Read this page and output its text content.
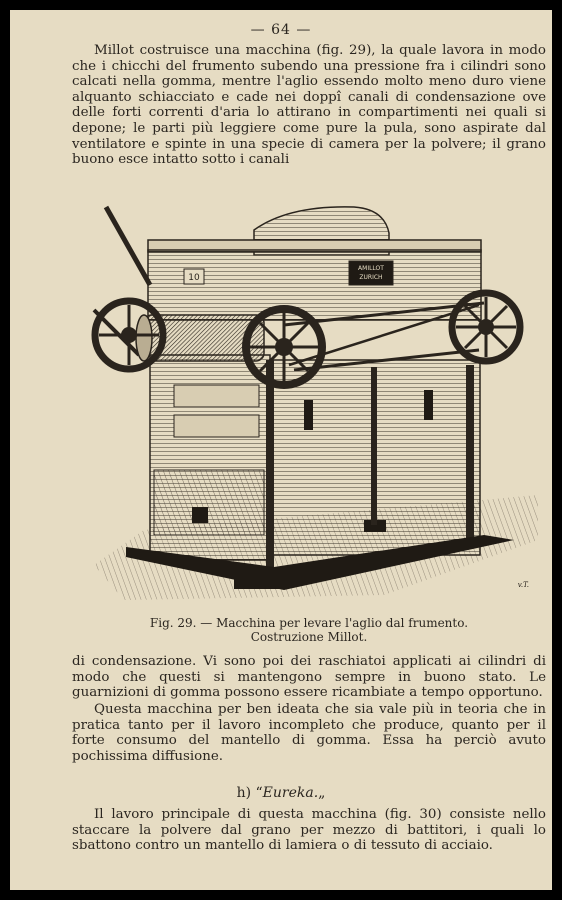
— 64 —
Millot costruisce una macchina (fig. 29), la quale lavora in modo che i chicchi del frumento subendo una pressione fra i cilindri sono calcati nella gomma, mentre l'aglio essendo molto meno duro viene alquanto schiacciato e cade nei doppî canali di condensazione ove delle forti correnti d'aria lo attirano in compartimenti nei quali si depone; le parti più leggiere come pure la pula, sono aspirate dal ventilatore e spinte in una specie di camera per la polvere; il grano buono esce intatto sotto i canali
AMILLOT
ZURICH
10
v.T.
Fig. 29. — Macchina per levare l'aglio dal frumento.
Costruzione Millot.
di condensazione. Vi sono poi dei raschiatoi applicati ai cilindri di modo che questi si mantengono sempre in buono stato. Le guarnizioni di gomma possono essere ricambiate a tempo opportuno.
Questa macchina per ben ideata che sia vale più in teoria che in pratica tanto per il lavoro incompleto che produce, quanto per il forte consumo del mantello di gomma. Essa ha perciò avuto pochissima diffusione.
h) “Eureka.„
Il lavoro principale di questa macchina (fig. 30) consiste nello staccare la polvere dal grano per mezzo di battitori, i quali lo sbattono contro un mantello di lamiera o di tessuto di acciaio.
